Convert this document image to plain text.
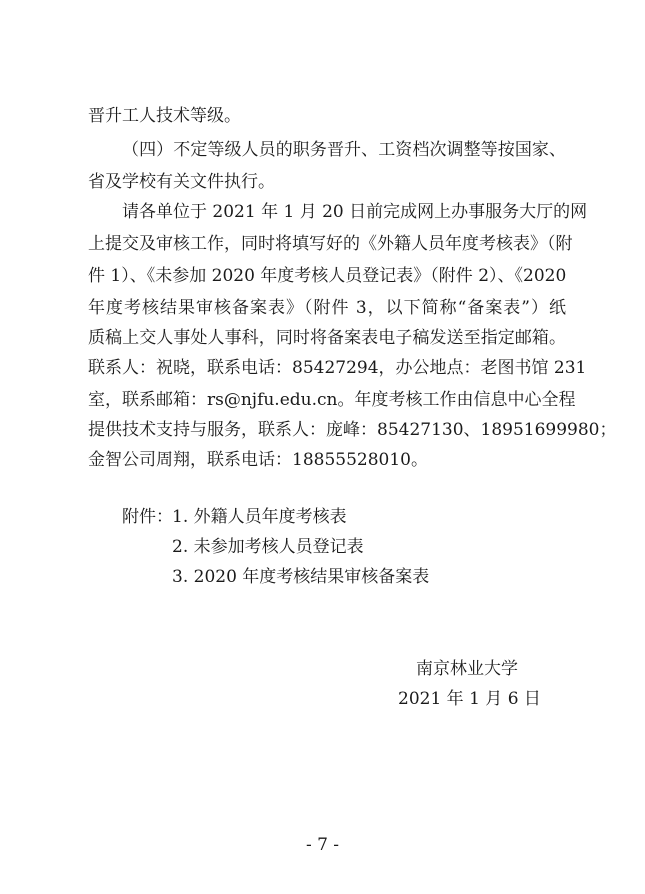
晋升工人技术等级。
（四）不定等级人员的职务晋升、工资档次调整等按国家、
省及学校有关文件执行。
请各单位于 2021 年 1 月 20 日前完成网上办事服务大厅的网
上提交及审核工作，同时将填写好的《外籍人员年度考核表》（附
件 1）、《未参加 2020 年度考核人员登记表》（附件 2）、《2020
年度考核结果审核备案表》（附件 3，以下简称“备案表”）纸
质稿上交人事处人事科，同时将备案表电子稿发送至指定邮箱。
联系人：祝晓，联系电话：85427294，办公地点：老图书馆 231
室，联系邮箱：rs@njfu.edu.cn。年度考核工作由信息中心全程
提供技术支持与服务，联系人：庞峰：85427130、18951699980；
金智公司周翔，联系电话：18855528010。
附件： 1. 外籍人员年度考核表
2. 未参加考核人员登记表
3. 2020 年度考核结果审核备案表
南京林业大学
2021 年 1 月 6 日
- 7 -
